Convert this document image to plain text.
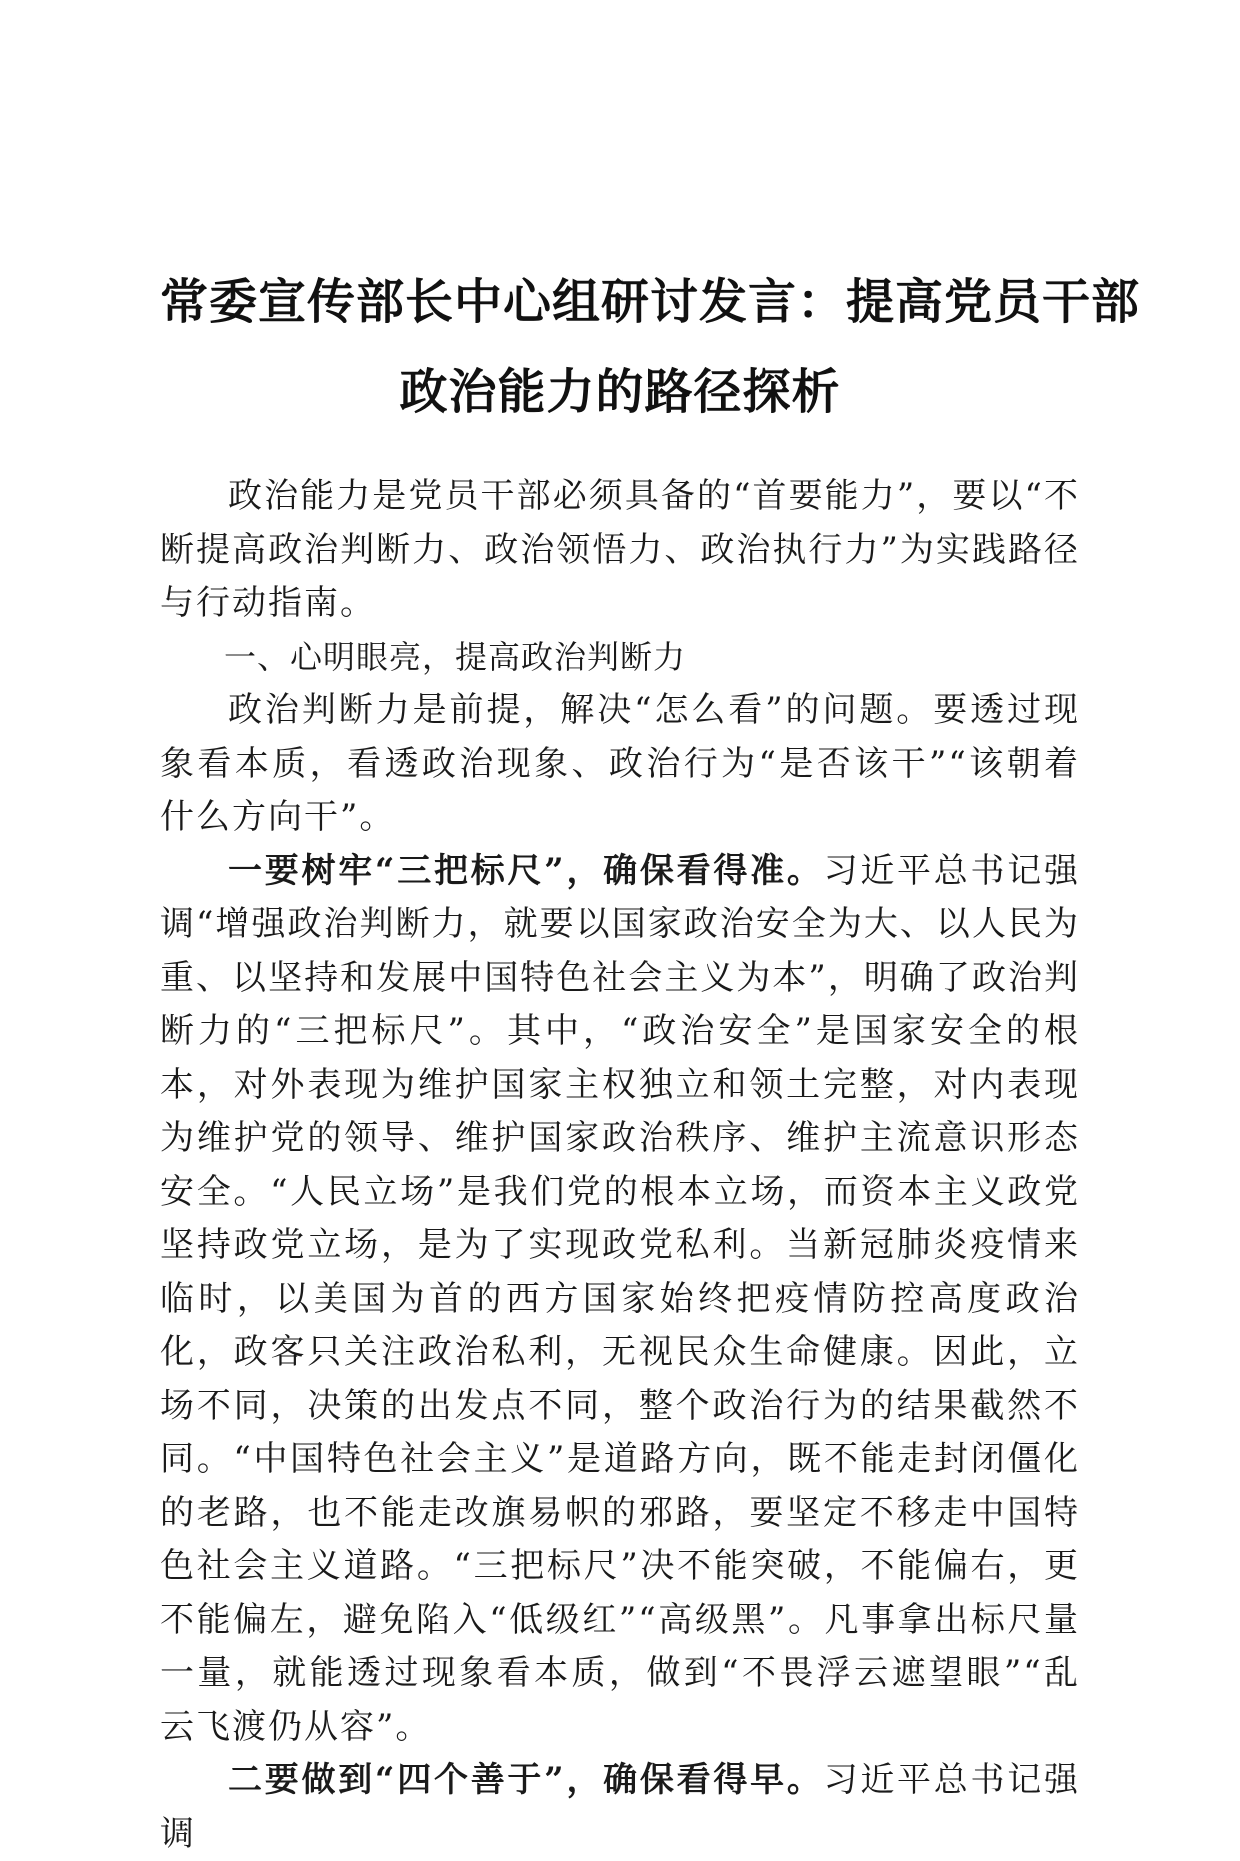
常委宣传部长中心组研讨发言：提高党员干部
政治能力的路径探析

政治能力是党员干部必须具备的“首要能力”，要以“不断提高政治判断力、政治领悟力、政治执行力”为实践路径与行动指南。

一、心明眼亮，提高政治判断力

政治判断力是前提，解决“怎么看”的问题。要透过现象看本质，看透政治现象、政治行为“是否该干”“该朝着什么方向干”。

一要树牢“三把标尺”，确保看得准。习近平总书记强调“增强政治判断力，就要以国家政治安全为大、以人民为重、以坚持和发展中国特色社会主义为本”，明确了政治判断力的“三把标尺”。其中，“政治安全”是国家安全的根本，对外表现为维护国家主权独立和领土完整，对内表现为维护党的领导、维护国家政治秩序、维护主流意识形态安全。“人民立场”是我们党的根本立场，而资本主义政党坚持政党立场，是为了实现政党私利。当新冠肺炎疫情来临时，以美国为首的西方国家始终把疫情防控高度政治化，政客只关注政治私利，无视民众生命健康。因此，立场不同，决策的出发点不同，整个政治行为的结果截然不同。“中国特色社会主义”是道路方向，既不能走封闭僵化的老路，也不能走改旗易帜的邪路，要坚定不移走中国特色社会主义道路。“三把标尺”决不能突破，不能偏右，更不能偏左，避免陷入“低级红”“高级黑”。凡事拿出标尺量一量，就能透过现象看本质，做到“不畏浮云遮望眼”“乱云飞渡仍从容”。

二要做到“四个善于”，确保看得早。习近平总书记强调
